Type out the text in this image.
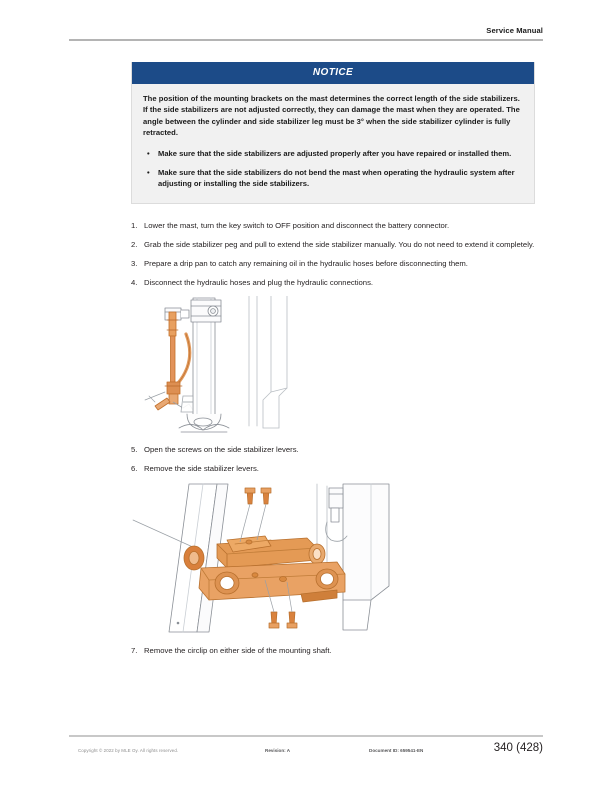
Service Manual
NOTICE

The position of the mounting brackets on the mast determines the correct length of the side stabilizers. If the side stabilizers are not adjusted correctly, they can damage the mast when they are operated. The angle between the cylinder and side stabilizer leg must be 3° when the side stabilizer cylinder is fully retracted.

• Make sure that the side stabilizers are adjusted properly after you have repaired or installed them.
• Make sure that the side stabilizers do not bend the mast when operating the hydraulic system after adjusting or installing the side stabilizers.
1. Lower the mast, turn the key switch to OFF position and disconnect the battery connector.
2. Grab the side stabilizer peg and pull to extend the side stabilizer manually. You do not need to extend it completely.
3. Prepare a drip pan to catch any remaining oil in the hydraulic hoses before disconnecting them.
4. Disconnect the hydraulic hoses and plug the hydraulic connections.
5. Open the screws on the side stabilizer levers.
6. Remove the side stabilizer levers.
7. Remove the circlip on either side of the mounting shaft.
Copyright © 2022 by MLE Oy. All rights reserved.	Revision: A	Document ID: 659541-EN	340 (428)
